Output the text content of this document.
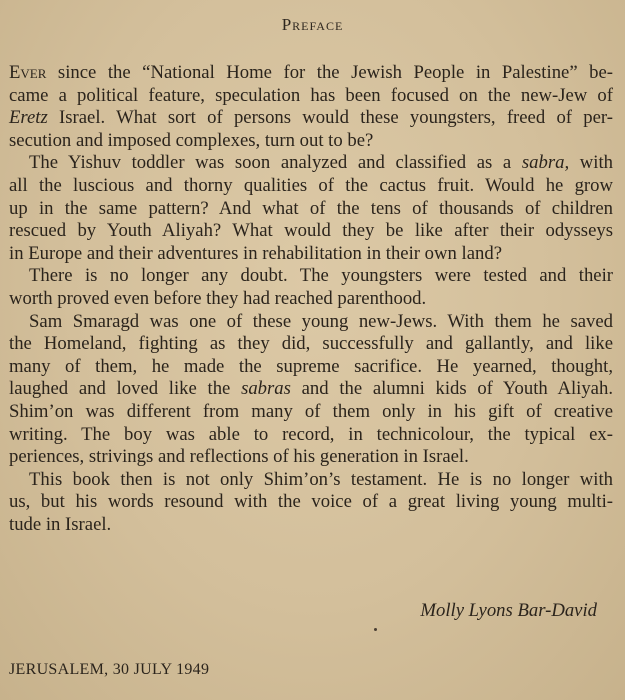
Preface
Ever since the “National Home for the Jewish People in Palestine” be-
came a political feature, speculation has been focused on the new-Jew of
Eretz Israel. What sort of persons would these youngsters, freed of per-
secution and imposed complexes, turn out to be?
The Yishuv toddler was soon analyzed and classified as a sabra, with
all the luscious and thorny qualities of the cactus fruit. Would he grow
up in the same pattern? And what of the tens of thousands of children
rescued by Youth Aliyah? What would they be like after their odysseys
in Europe and their adventures in rehabilitation in their own land?
There is no longer any doubt. The youngsters were tested and their
worth proved even before they had reached parenthood.
Sam Smaragd was one of these young new-Jews. With them he saved
the Homeland, fighting as they did, successfully and gallantly, and like
many of them, he made the supreme sacrifice. He yearned, thought,
laughed and loved like the sabras and the alumni kids of Youth Aliyah.
Shim’on was different from many of them only in his gift of creative
writing. The boy was able to record, in technicolour, the typical ex-
periences, strivings and reflections of his generation in Israel.
This book then is not only Shim’on’s testament. He is no longer with
us, but his words resound with the voice of a great living young multi-
tude in Israel.
Molly Lyons Bar-David
JERUSALEM, 30 JULY 1949
